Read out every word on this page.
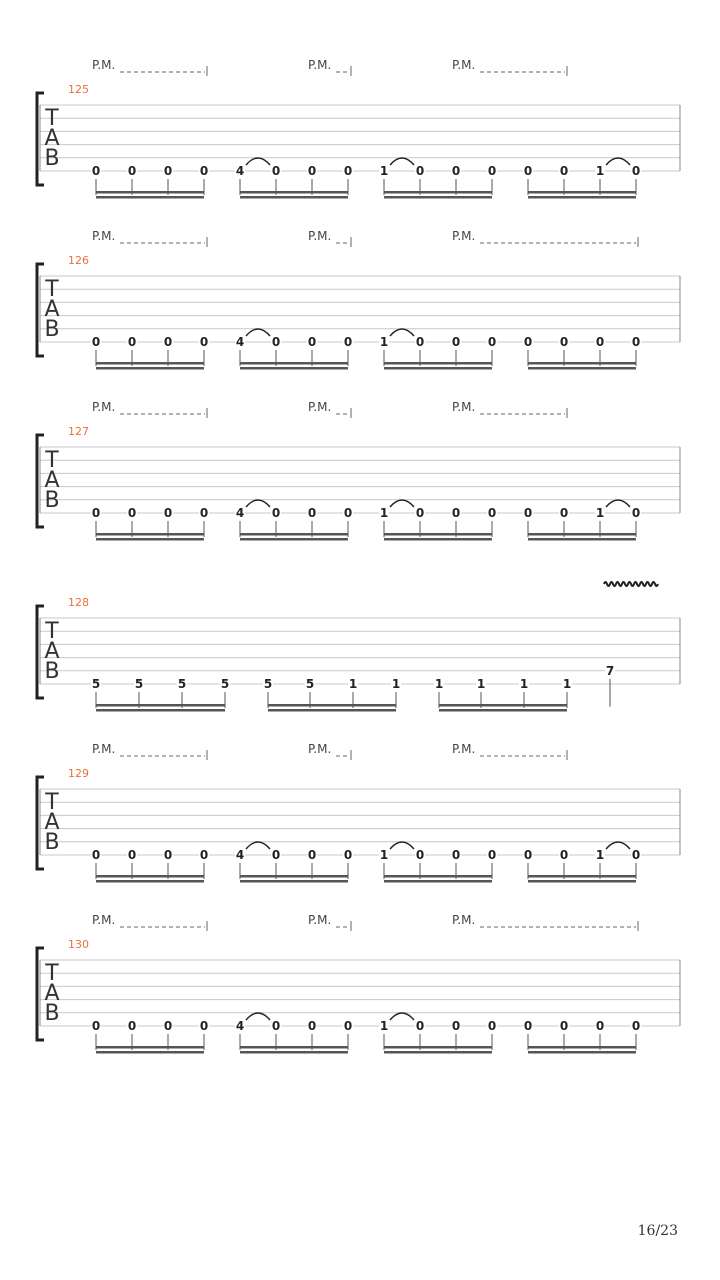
T
A
B
125
P.M.	P.M.	P.M.
0 0 0 0 4 0 0 0 1 0 0 0 0 0 1 0
T
A
B
126
P.M.	P.M.	P.M.
0 0 0 0 4 0 0 0 1 0 0 0 0 0 0 0
T
A
B
127
P.M.	P.M.	P.M.
0 0 0 0 4 0 0 0 1 0 0 0 0 0 1 0
T
A
B
128
5	5	5	5	5	5	1	1	1	1	1	1
7
T
A
B
129
P.M.	P.M.	P.M.
0 0 0 0 4 0 0 0 1 0 0 0 0 0 1 0
T
A
B
130
P.M.	P.M.	P.M.
0 0 0 0 4 0 0 0 1 0 0 0 0 0 0 0
16/23
